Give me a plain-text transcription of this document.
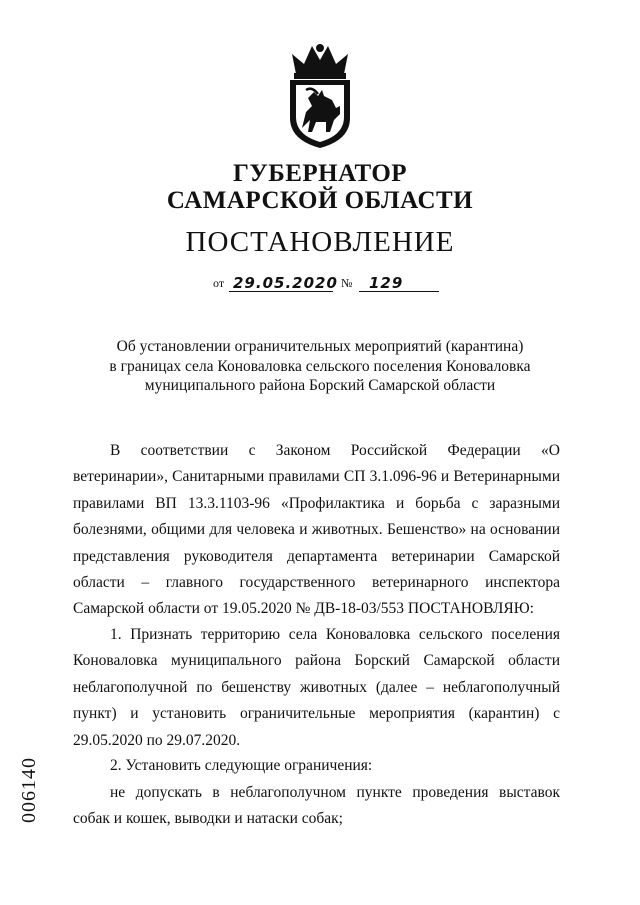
ГУБЕРНАТОР
САМАРСКОЙ ОБЛАСТИ
ПОСТАНОВЛЕНИЕ
от 29.05.2020 № 129
Об установлении ограничительных мероприятий (карантина)
в границах села Коноваловка сельского поселения Коноваловка
муниципального района Борский Самарской области

В соответствии с Законом Российской Федерации «О ветеринарии», Санитарными правилами СП 3.1.096-96 и Ветеринарными правилами ВП 13.3.1103-96 «Профилактика и борьба с заразными болезнями, общими для человека и животных. Бешенство» на основании представления руководителя департамента ветеринарии Самарской области – главного государственного ветеринарного инспектора Самарской области от 19.05.2020 № ДВ-18-03/553 ПОСТАНОВЛЯЮ:

1. Признать территорию села Коноваловка сельского поселения Коноваловка муниципального района Борский Самарской области неблагополучной по бешенству животных (далее – неблагополучный пункт) и установить ограничительные мероприятия (карантин) с 29.05.2020 по 29.07.2020.

2. Установить следующие ограничения:

не допускать в неблагополучном пункте проведения выставок собак и кошек, выводки и натаски собак;

006140
